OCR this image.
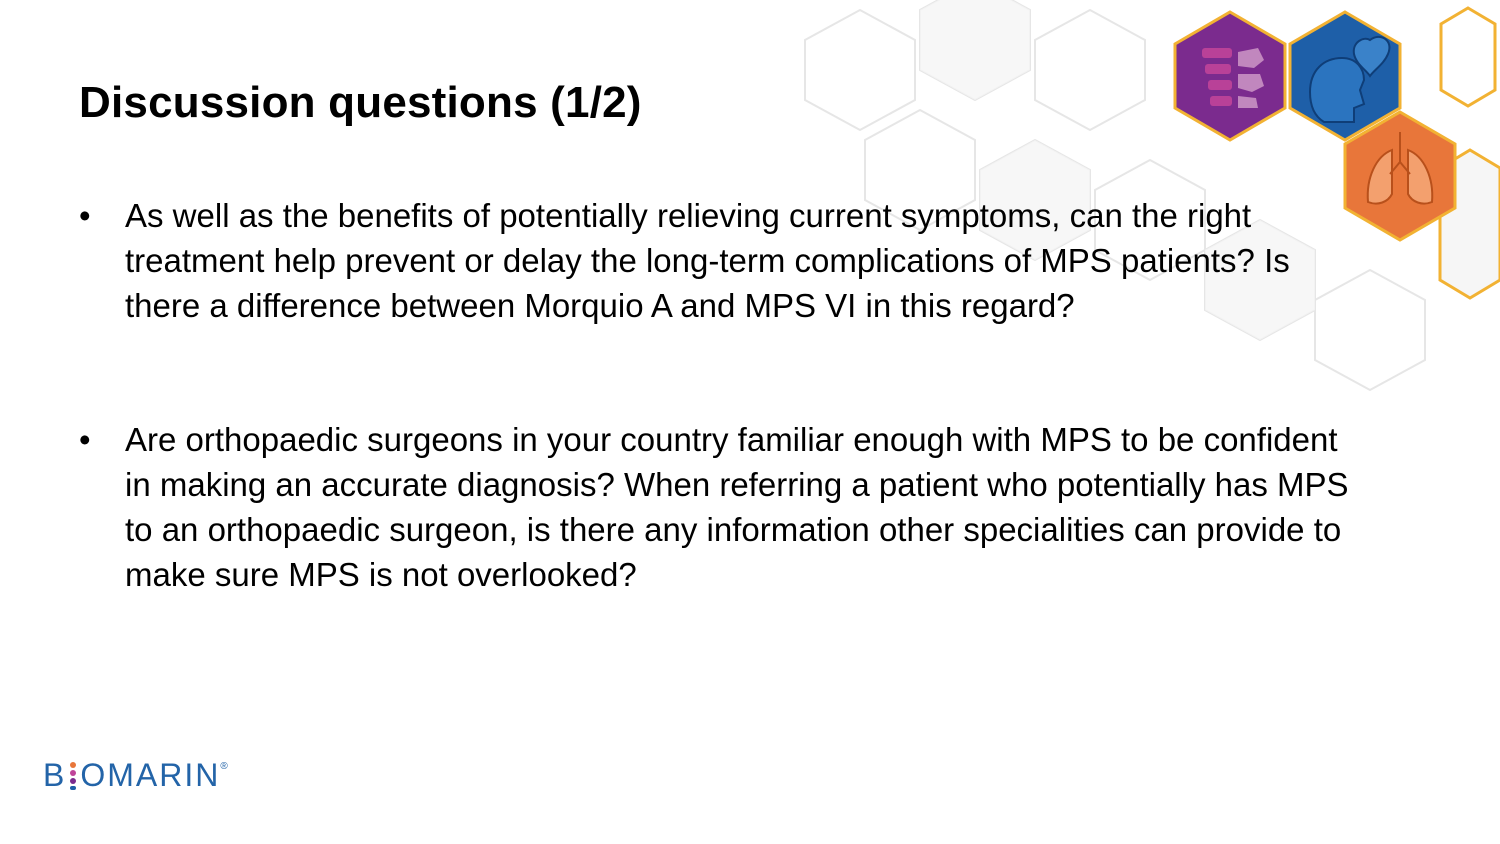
Discussion questions (1/2)
• As well as the benefits of potentially relieving current symptoms, can the right treatment help prevent or delay the long-term complications of MPS patients? Is there a difference between Morquio A and MPS VI in this regard?
• Are orthopaedic surgeons in your country familiar enough with MPS to be confident in making an accurate diagnosis? When referring a patient who potentially has MPS to an orthopaedic surgeon, is there any information other specialities can provide to make sure MPS is not overlooked?
B OMARIN®
